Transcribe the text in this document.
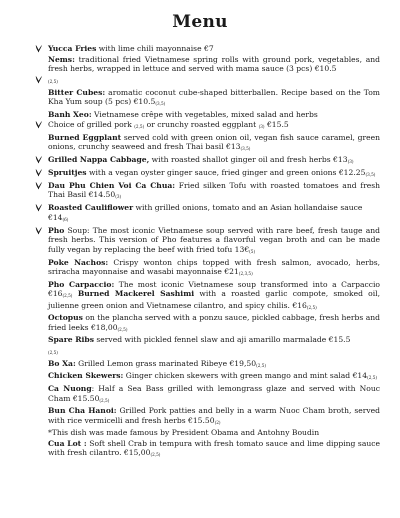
Menu
Yucca Fries with lime chili mayonnaise €7
Nems: traditional fried Vietnamese spring rolls with ground pork, vegetables, and fresh herbs, wrapped in lettuce and served with mama sauce (3 pcs) €10.5
(2,5)
Bitter Cubes: aromatic coconut cube-shaped bitterballen. Recipe based on the Tom Kha Yum soup (5 pcs) €10.5(3,5)
Banh Xeo: Vietnamese crêpe with vegetables, mixed salad and herbs
Choice of grilled pork (2,5) or crunchy roasted eggplant (3) €15.5
Burned Eggplant served cold with green onion oil, vegan fish sauce caramel, green onions, crunchy seaweed and fresh Thai basil €13(3,5)
Grilled Nappa Cabbage, with roasted shallot ginger oil and fresh herbs €13(3)
Spruitjes with a vegan oyster ginger sauce, fried ginger and green onions €12.25(3,5)
Dau Phu Chien Voi Ca Chua: Fried silken Tofu with roasted tomatoes and fresh Thai Basil €14.50(3)
Roasted Cauliflower with grilled onions, tomato and an Asian hollandaise sauce
€14(6)
Pho Soup: The most iconic Vietnamese soup served with rare beef, fresh tauge and fresh herbs. This version of Pho features a flavorful vegan broth and can be made fully vegan by replacing the beef with fried tofu 13€(5)
Poke Nachos: Crispy wonton chips topped with fresh salmon, avocado, herbs, sriracha mayonnaise and wasabi mayonnaise €21(2,3,5)
Pho Carpaccio: The most iconic Vietnamese soup transformed into a Carpaccio €16(2,5) Burned Mackerel Sashimi with a roasted garlic compote, smoked oil, julienne green onion and Vietnamese cilantro, and spicy chilis. €16(2,5)
Octopus on the plancha served with a ponzu sauce, pickled cabbage, fresh herbs and fried leeks €18,00(2,5)
Spare Ribs served with pickled fennel slaw and aji amarillo marmalade €15.5
(2,5)
Bo Xa: Grilled Lemon grass marinated Ribeye €19,50(2,5)
Chicken Skewers: Ginger chicken skewers with green mango and mint salad €14(2,5)
Ca Nuong: Half a Sea Bass grilled with lemongrass glaze and served with Nouc Cham €15.50(2,5)
Bun Cha Hanoi: Grilled Pork patties and belly in a warm Nuoc Cham broth, served with rice vermicelli and fresh herbs €15.50(2)
*This dish was made famous by President Obama and Antohny Boudin
Cua Lot : Soft shell Crab in tempura with fresh tomato sauce and lime dipping sauce with fresh cilantro. €15,00(2,5)
